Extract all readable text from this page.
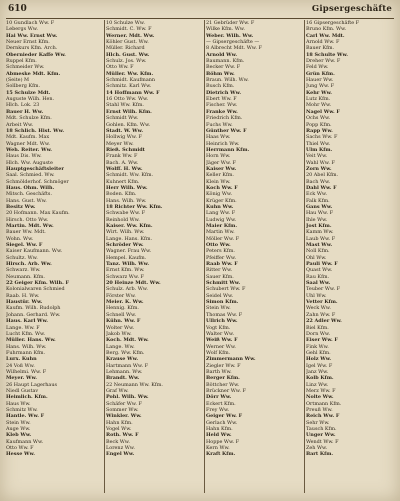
610	Gipsergeschäfte
10 Gundlach Ww. F
Lebergs Ww.
Hai Ww. Ernst Ww.
Neuer Ernst Kfm.
Dernkurs Kfm. Arch.
Obernieder Kaffe Ww.
Ruppel Kfm.
Schmeider Ww.
Abmeske Mdt. Kfm.
(Seite) M
Sollberg Kfm.
15 Schulze Mdt.
Auguste Wilh. Hen.
Hlch. Lok. 23
Bauer H. Ww.
Mdt. Schulze Kfm.
Arbeit Ww.
18 Schlich. Hist. Ww.
Mdt. Kaufm. Max
Wagner Mdt. Ww.
Weh. Reiter. Ww.
Haus Dis. Ww.
Hlch. Ww. Auguste
Hauptgeschäftsleiter
Saal. Schmied. Ww.
Schmölderhof. Schmöger
Haus. Ohm. Wilh.
Mitsch. Geschäfts.
Hans. Gust. Ww.
Besitz Ww.
20 Hofmann. Max Kaufm.
Hirsch. Otto Ww.
Martin. Mdt. Ww.
Bauer Ww. Mdt.
Wohn. Ww.
Siegel. Ww. F
Kaiser Kaufmann. Ww.
Schultz. Ww.
Hirsch. Arb. Ww.
Schwarz. Ww.
Neumann. Kfm.
22 Geiger Kfm. Wilh. F
Kolonialwaren Schmied
Raab. H. Ww.
Haustür. Ww.
Kaufm. Wilh. Rudolph
Johann. Gerhard. Ww.
Haus. Karl Ww.
Lange. Ww. F
Lucht Kfm. Ww.
Müller. Hans. Ww.
Hans. Wilh. Ww.
Fuhrmann Kfm.
Lurx. Kuhn
24 Voß Ww.
Wilhelmi. Ww. F
Meyer. Ww.
26 Haupt Lagerhaus
Niedl Gustav
Heimlich. Kfm.
Haus Ww.
Schmitz Ww.
Hantle. Ww. F
Stein Ww.
Auge Ww.
Kleb Ww.
Kaufmann Ww.
Otto Ww. F
Hesse Ww.
10 Schulze Ww.
Schmidt. C. Ww. F
Werner. Mdt. Ww.
Köhler Gust. Ww.
Müller. Richard
Hlch. Gust. Ww.
Schulz. Jos. Ww.
Otto Ww. F
Müller. Ww. Kfm.
Schmidt. Kaufmann
Schmitz. Karl Ww.
14 Hoffmann Ww. F
16 Otto Ww. Ww.
Stahl Ww. Kfm.
Ernst Wilh. Kfm.
Schmidt Ww.
Gohlen. Kfm. Ww.
Stadt. W. Ww.
Hollwig Ww. F
Meyer Ww.
Rieß. Schmidt
Frank Ww. F
Bach. A. Ww.
Wolff. H. Ww.
Schmidt. Ww. Kfm.
Kuhnert Kfm.
Herr Wilh. Ww.
Boden. Kfm.
Hans. Wilh. Ww.
18 Richter Ww. Kfm.
Schwabe Ww. F
Reinhold Ww.
Kaiser. Ww. Kfm.
Wirt. Wilh. Ww.
Lange. Hans. Kfm.
Schröder Ww.
Wagner. Frau Ww.
Hempel. Kaufm.
Tanz. Wilh. Ww.
Ernst Kfm. Ww.
Schwarz Ww. F
20 Heinze Mdt. Ww.
Schulz. Arb. Ww.
Förster Ww.
Meier. K. Ww.
Hennig. Kfm.
Schnell Ww.
Kühn. Ww. F
Wolter Ww.
Jakob Ww.
Koch. Mdt. Ww.
Lange. Ww.
Berg. Ww. Kfm.
Krause Ww.
Hartmann Ww. F
Lehmann. Ww.
Brandt. Ww.
22 Neumann Ww. Kfm.
Graf Ww.
Pohl. Wilh. Ww.
Schäfer Ww. F
Sommer Ww.
Winkler. Ww.
Hahn Kfm.
Vogel Ww.
Roth. Ww. F
Beck Ww.
Lorenz Ww.
Engel Ww.
21 Gebrüder Ww. F
Wilke Kfm. Ww.
Weber. Wilh. Ww.
— Gipsergeschäfte —
8 Albrecht Mdt. Ww. F
Arnold Ww.
Baumann. Kfm.
Becker Ww. F
Böhm Ww.
Braun. Wilh. Ww.
Busch Kfm.
Dietrich Ww.
Ebert Ww. F
Fischer. Ww.
Franke Ww.
Friedrich Kfm.
Fuchs Ww.
Günther Ww. F
Haas Ww.
Heinrich Ww.
Herrmann Kfm.
Horn Ww.
Jäger Ww. F
Kaiser Ww.
Keller Kfm.
Klein Ww.
Koch Ww. F
König Ww.
Krüger Kfm.
Kuhn Ww.
Lang Ww. F
Ludwig Ww.
Maier Kfm.
Martin Ww.
Möller Ww. F
Otto Ww.
Peters Kfm.
Pfeiffer Ww.
Raab Ww. F
Ritter Ww.
Sauer Kfm.
Schmitt Ww.
Schubert Ww. F
Seidel Ww.
Simon Kfm.
Stein Ww.
Thomas Ww. F
Ullrich Ww.
Vogt Kfm.
Walter Ww.
Weiß Ww. F
Werner Ww.
Wolf Kfm.
Zimmermann Ww.
Ziegler Ww. F
Barth Ww.
Berger Kfm.
Böttcher Ww.
Brückner Ww. F
Dörr Ww.
Eckert Kfm.
Frey Ww.
Geiger Ww. F
Gerlach Ww.
Hahn Kfm.
Held Ww.
Hoppe Ww. F
Kern Ww.
Kraft Kfm.
16 Gipsergeschäfte F
Bruno Kfm. Ww.
Carl Ww. Mdt.
Arnold Ww. F
Bauer Kfm.
18 Schulte Ww.
Dreher Ww. F
Feld Ww.
Grün Kfm.
Hauer Ww.
Jung Ww. F
Kehr Ww.
Lutz Kfm.
Mohr Ww.
Nagel Ww. F
Ochs Ww.
Popp Kfm.
Rapp Ww.
Sachs Ww. F
Thiel Ww.
Ulm Kfm.
Veit Ww.
Wahl Ww. F
Zorn Ww.
20 Abel Kfm.
Bach Ww.
Dahl Ww. F
Eck Ww.
Falk Kfm.
Gans Ww.
Hau Ww. F
Ihle Ww.
Jost Kfm.
Kamm Ww.
Laub Ww. F
Mast Ww.
Noll Kfm.
Ohl Ww.
Pauli Ww. F
Quast Ww.
Rau Kfm.
Saal Ww.
Teuber Ww. F
Uhl Ww.
Vetter Kfm.
Weck Ww.
Zahn Ww. F
22 Adler Ww.
Biel Kfm.
Dorn Ww.
Eiser Ww. F
Fink Ww.
Gehl Kfm.
Holz Ww.
Igel Ww. F
Janz Ww.
Kolb Kfm.
Linz Ww.
Merz Ww. F
Nolte Ww.
Ortmann Kfm.
Preuß Ww.
Reich Ww. F
Sehr Ww.
Tausch Kfm.
Unger Ww.
Wendt Ww. F
Zeh Ww.
Bart Kfm.
